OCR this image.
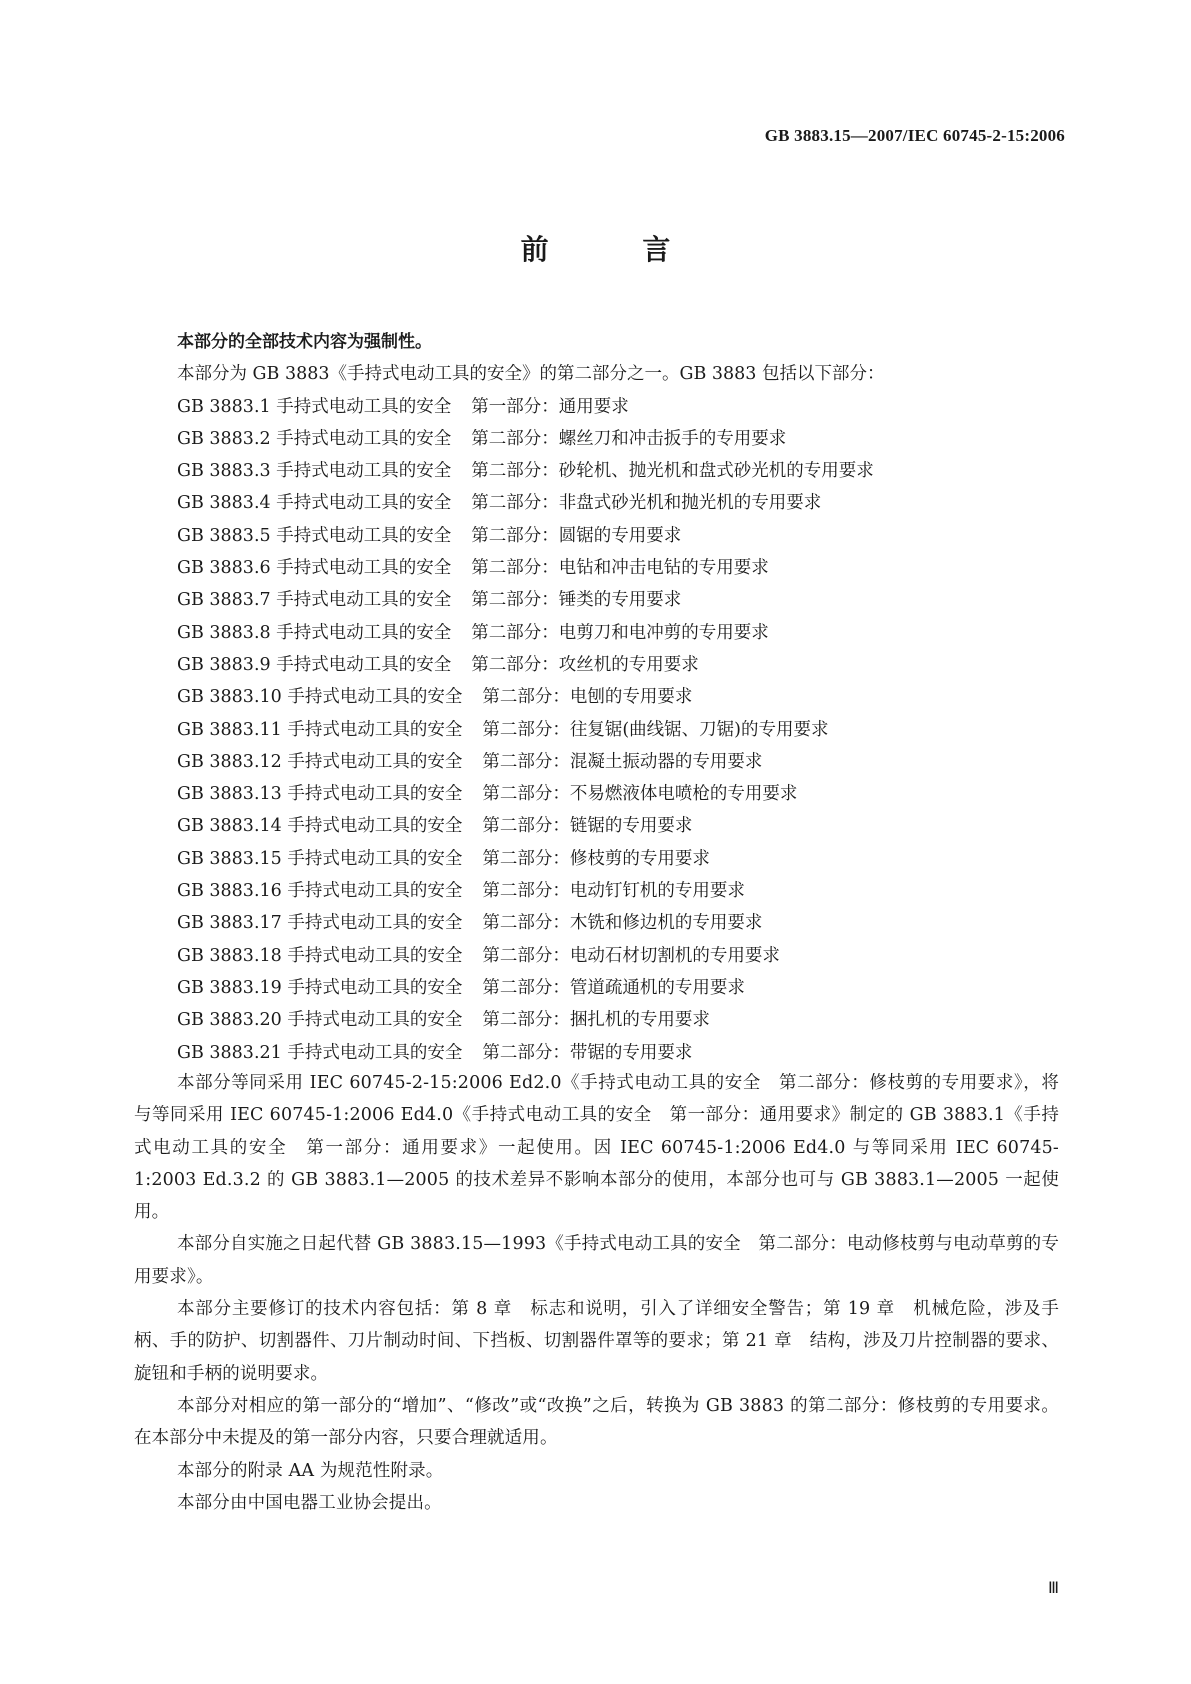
GB 3883.15—2007/IEC 60745-2-15:2006
前 言

本部分的全部技术内容为强制性。

本部分为 GB 3883《手持式电动工具的安全》的第二部分之一。GB 3883 包括以下部分：

GB 3883.1 手持式电动工具的安全 第一部分：通用要求

GB 3883.2 手持式电动工具的安全 第二部分：螺丝刀和冲击扳手的专用要求

GB 3883.3 手持式电动工具的安全 第二部分：砂轮机、抛光机和盘式砂光机的专用要求

GB 3883.4 手持式电动工具的安全 第二部分：非盘式砂光机和抛光机的专用要求

GB 3883.5 手持式电动工具的安全 第二部分：圆锯的专用要求

GB 3883.6 手持式电动工具的安全 第二部分：电钻和冲击电钻的专用要求

GB 3883.7 手持式电动工具的安全 第二部分：锤类的专用要求

GB 3883.8 手持式电动工具的安全 第二部分：电剪刀和电冲剪的专用要求

GB 3883.9 手持式电动工具的安全 第二部分：攻丝机的专用要求

GB 3883.10 手持式电动工具的安全 第二部分：电刨的专用要求

GB 3883.11 手持式电动工具的安全 第二部分：往复锯(曲线锯、刀锯)的专用要求

GB 3883.12 手持式电动工具的安全 第二部分：混凝土振动器的专用要求

GB 3883.13 手持式电动工具的安全 第二部分：不易燃液体电喷枪的专用要求

GB 3883.14 手持式电动工具的安全 第二部分：链锯的专用要求

GB 3883.15 手持式电动工具的安全 第二部分：修枝剪的专用要求

GB 3883.16 手持式电动工具的安全 第二部分：电动钉钉机的专用要求

GB 3883.17 手持式电动工具的安全 第二部分：木铣和修边机的专用要求

GB 3883.18 手持式电动工具的安全 第二部分：电动石材切割机的专用要求

GB 3883.19 手持式电动工具的安全 第二部分：管道疏通机的专用要求

GB 3883.20 手持式电动工具的安全 第二部分：捆扎机的专用要求

GB 3883.21 手持式电动工具的安全 第二部分：带锯的专用要求

本部分等同采用 IEC 60745-2-15:2006 Ed2.0《手持式电动工具的安全　第二部分：修枝剪的专用要求》，将与等同采用 IEC 60745-1:2006 Ed4.0《手持式电动工具的安全　第一部分：通用要求》制定的 GB 3883.1《手持式电动工具的安全　第一部分：通用要求》一起使用。因 IEC 60745-1:2006 Ed4.0 与等同采用 IEC 60745-1:2003 Ed.3.2 的 GB 3883.1—2005 的技术差异不影响本部分的使用，本部分也可与 GB 3883.1—2005 一起使用。

本部分自实施之日起代替 GB 3883.15—1993《手持式电动工具的安全　第二部分：电动修枝剪与电动草剪的专用要求》。

本部分主要修订的技术内容包括：第 8 章　标志和说明，引入了详细安全警告；第 19 章　机械危险，涉及手柄、手的防护、切割器件、刀片制动时间、下挡板、切割器件罩等的要求；第 21 章　结构，涉及刀片控制器的要求、旋钮和手柄的说明要求。

本部分对相应的第一部分的“增加”、“修改”或“改换”之后，转换为 GB 3883 的第二部分：修枝剪的专用要求。在本部分中未提及的第一部分内容，只要合理就适用。

本部分的附录 AA 为规范性附录。

本部分由中国电器工业协会提出。

Ⅲ
